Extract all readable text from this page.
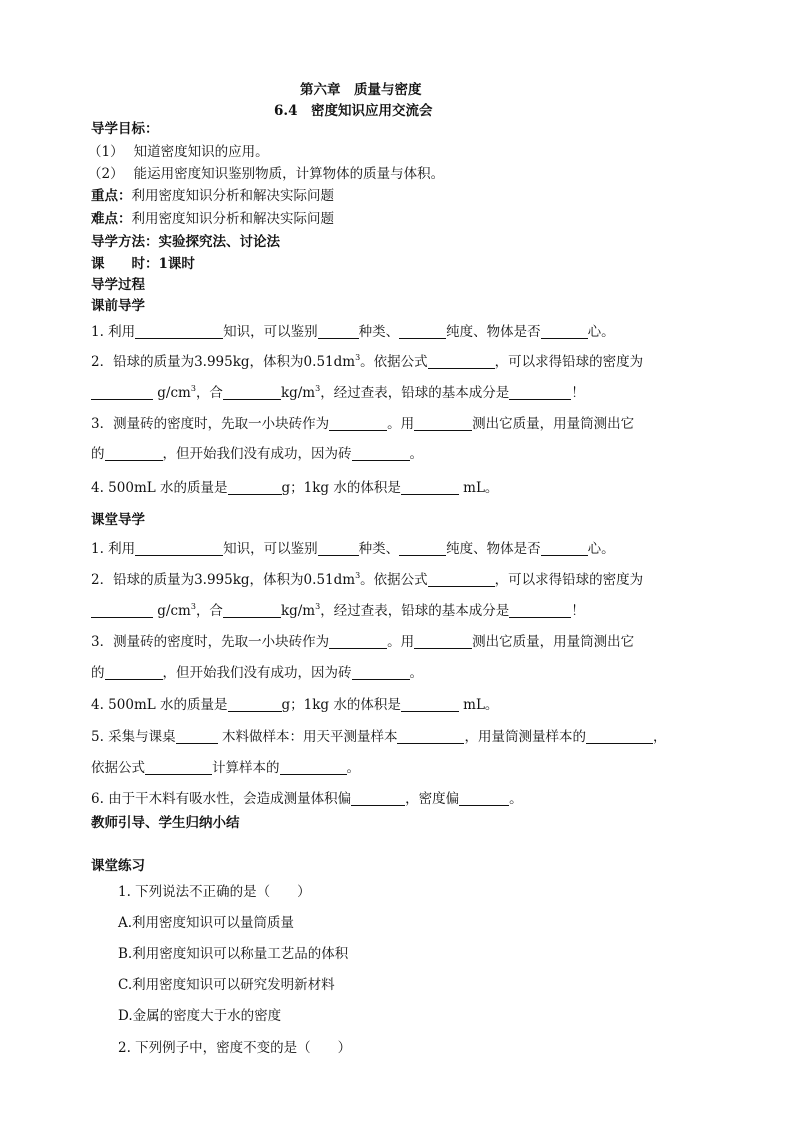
第六章　质量与密度
6.4　密度知识应用交流会
导学目标：
（1） 知道密度知识的应用。
（2） 能运用密度知识鉴别物质，计算物体的质量与体积。
重点：利用密度知识分析和解决实际问题
难点：利用密度知识分析和解决实际问题
导学方法：实验探究法、讨论法
课　　时：1课时
导学过程
课前导学
1. 利用	知识，可以鉴别	种类、	纯度、物体是否	心。
2．铅球的质量为3.995kg，体积为$0.51dm^3$。依据公式	，可以求得铅球的密度为
$g/cm^3$，合	$kg/m^3$，经过查表，铅球的基本成分是	！
3．测量砖的密度时，先取一小块砖作为	。用	测出它质量，用量筒测出它
的	，但开始我们没有成功，因为砖	。
4. 500mL 水的质量是	g；1kg 水的体积是	mL。
课堂导学
1. 利用	知识，可以鉴别	种类、	纯度、物体是否	心。
2．铅球的质量为3.995kg，体积为$0.51dm^3$。依据公式	，可以求得铅球的密度为
$g/cm^3$，合	$kg/m^3$，经过查表，铅球的基本成分是	！
3．测量砖的密度时，先取一小块砖作为	。用	测出它质量，用量筒测出它
的	，但开始我们没有成功，因为砖	。
4. 500mL 水的质量是	g；1kg 水的体积是	mL。
5. 采集与课桌	木料做样本：用天平测量样本	，用量筒测量样本的	，
依据公式	计算样本的	。
6. 由于干木料有吸水性，会造成测量体积偏	，密度偏	。
教师引导、学生归纳小结
课堂练习
1. 下列说法不正确的是（　　）
A.利用密度知识可以量筒质量
B.利用密度知识可以称量工艺品的体积
C.利用密度知识可以研究发明新材料
D.金属的密度大于水的密度
2. 下列例子中，密度不变的是（　　）
